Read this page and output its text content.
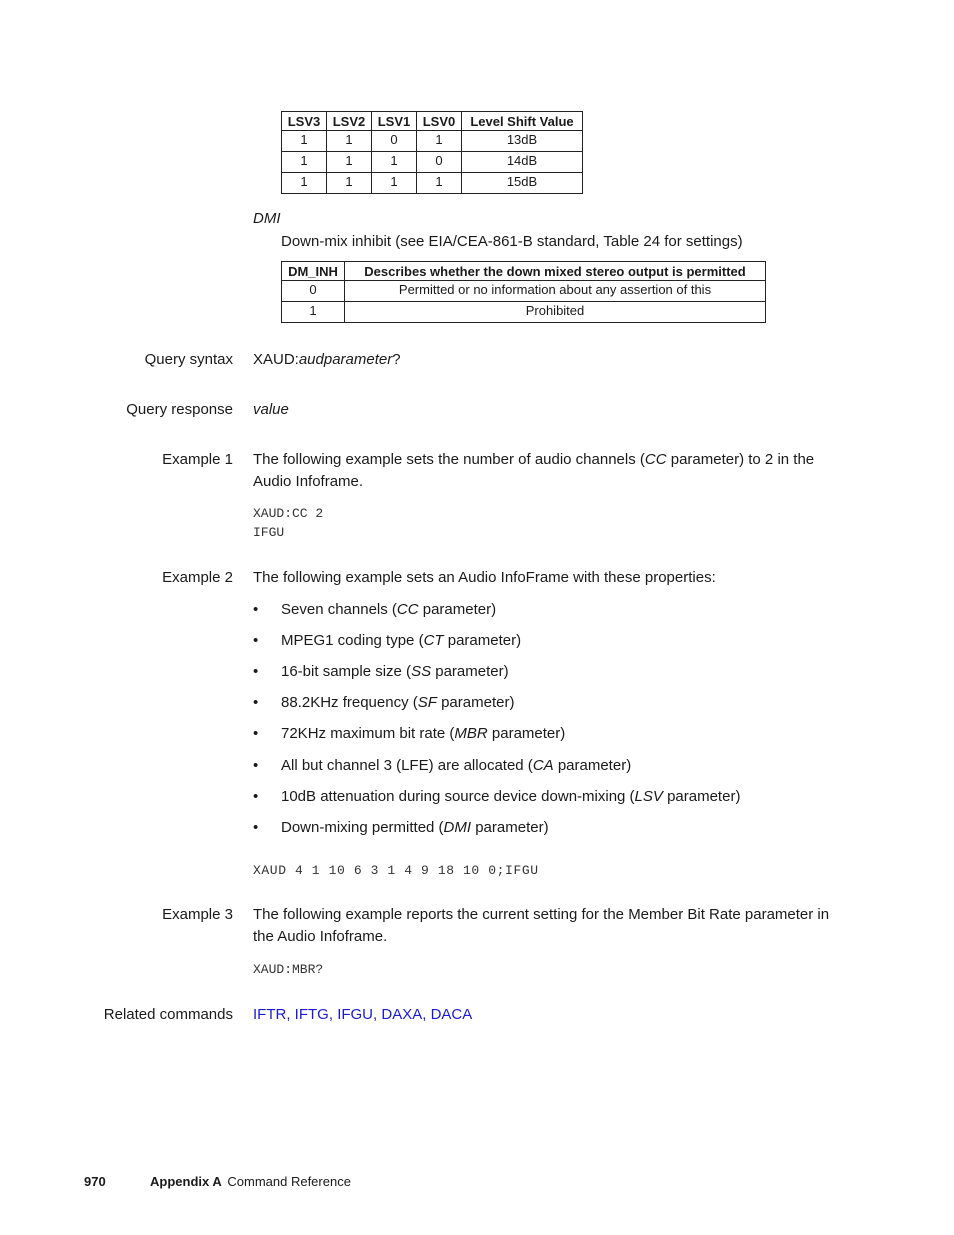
LSV3	LSV2	LSV1	LSV0	Level Shift Value
1	1	0	1	13dB
1	1	1	0	14dB
1	1	1	1	15dB
DMI
Down-mix inhibit (see EIA/CEA-861-B standard, Table 24 for settings)
DM_INH	Describes whether the down mixed stereo output is permitted
0	Permitted or no information about any assertion of this
1	Prohibited
Query syntax XAUD:audparameter?
Query response value
Example 1 The following example sets the number of audio channels (CC parameter) to 2 in the
Audio Infoframe.
XAUD:CC 2
IFGU
Example 2 The following example sets an Audio InfoFrame with these properties:
• Seven channels (CC parameter)
• MPEG1 coding type (CT parameter)
• 16-bit sample size (SS parameter)
• 88.2KHz frequency (SF parameter)
• 72KHz maximum bit rate (MBR parameter)
• All but channel 3 (LFE) are allocated (CA parameter)
• 10dB attenuation during source device down-mixing (LSV parameter)
• Down-mixing permitted (DMI parameter)
XAUD 4 1 10 6 3 1 4 9 18 10 0;IFGU
Example 3 The following example reports the current setting for the Member Bit Rate parameter in
the Audio Infoframe.
XAUD:MBR?
Related commands IFTR, IFTG, IFGU, DAXA, DACA
970	Appendix A Command Reference
